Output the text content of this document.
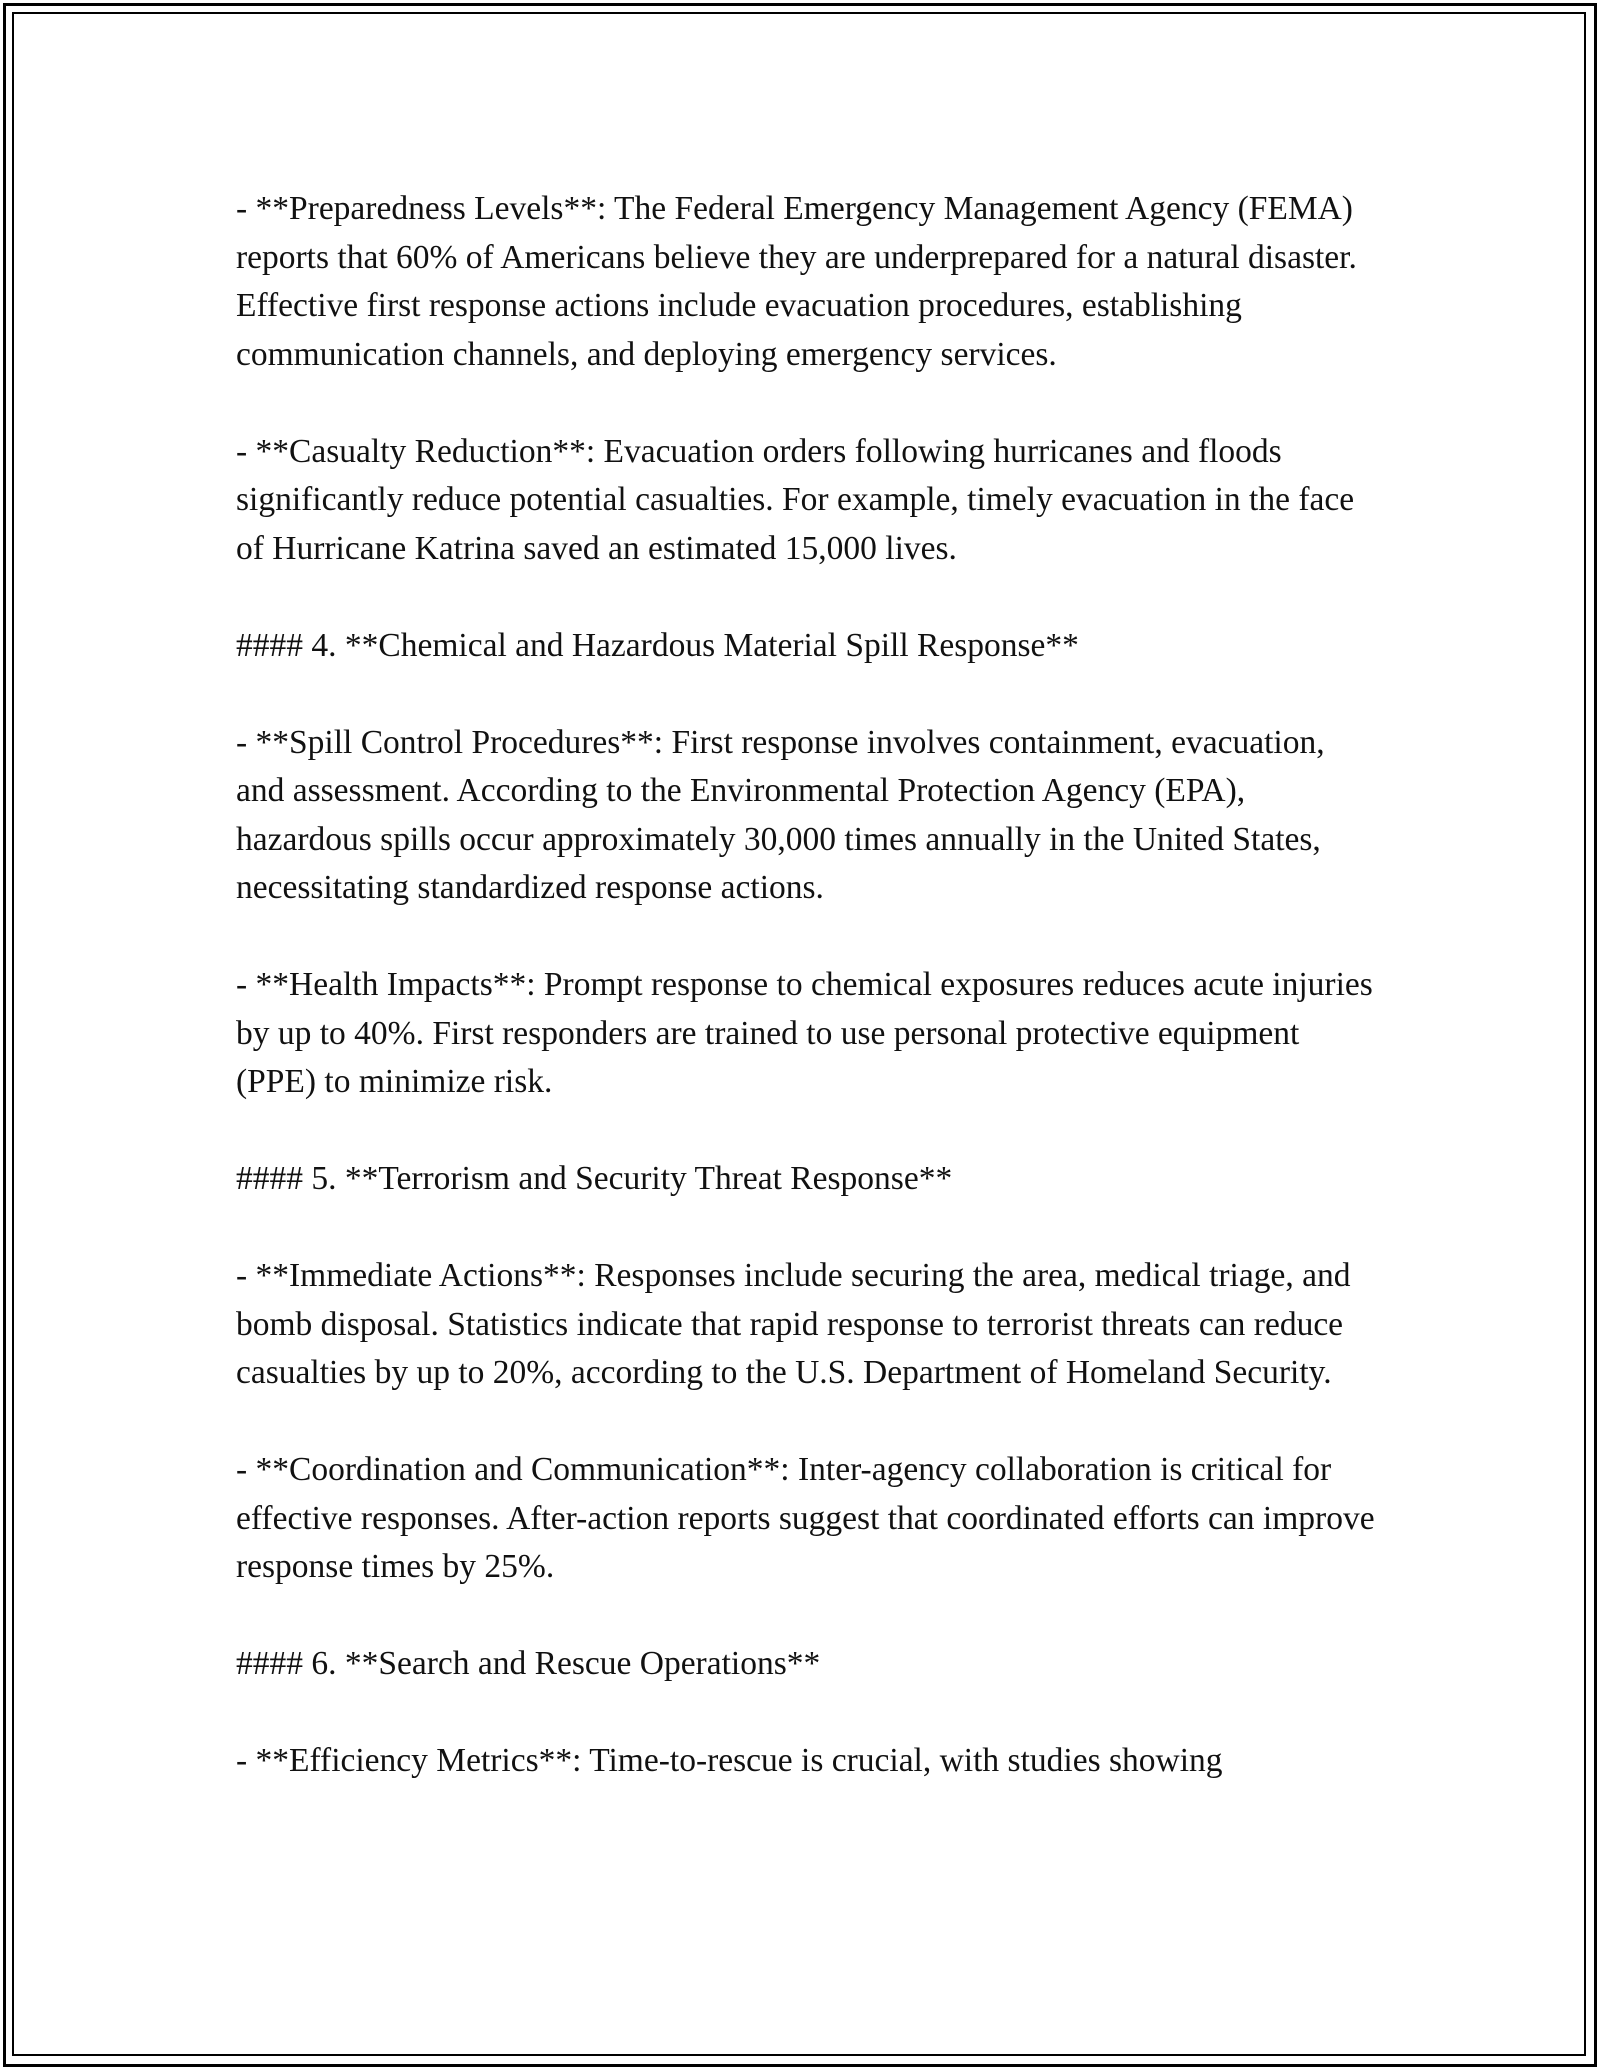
- **Preparedness Levels**: The Federal Emergency Management Agency (FEMA) reports that 60% of Americans believe they are underprepared for a natural disaster. Effective first response actions include evacuation procedures, establishing communication channels, and deploying emergency services.

- **Casualty Reduction**: Evacuation orders following hurricanes and floods significantly reduce potential casualties. For example, timely evacuation in the face of Hurricane Katrina saved an estimated 15,000 lives.

#### 4. **Chemical and Hazardous Material Spill Response**

- **Spill Control Procedures**: First response involves containment, evacuation, and assessment. According to the Environmental Protection Agency (EPA), hazardous spills occur approximately 30,000 times annually in the United States, necessitating standardized response actions.

- **Health Impacts**: Prompt response to chemical exposures reduces acute injuries by up to 40%. First responders are trained to use personal protective equipment (PPE) to minimize risk.

#### 5. **Terrorism and Security Threat Response**

- **Immediate Actions**: Responses include securing the area, medical triage, and bomb disposal. Statistics indicate that rapid response to terrorist threats can reduce casualties by up to 20%, according to the U.S. Department of Homeland Security.

- **Coordination and Communication**: Inter-agency collaboration is critical for effective responses. After-action reports suggest that coordinated efforts can improve response times by 25%.

#### 6. **Search and Rescue Operations**

- **Efficiency Metrics**: Time-to-rescue is crucial, with studies showing
